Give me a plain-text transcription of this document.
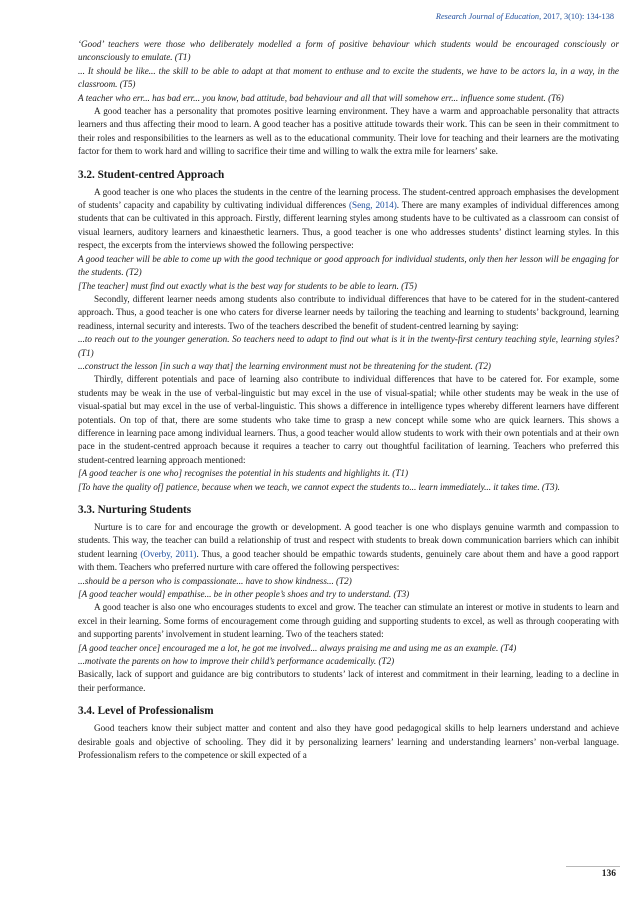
Research Journal of Education, 2017, 3(10): 134-138

‘Good’ teachers were those who deliberately modelled a form of positive behaviour which students would be encouraged consciously or unconsciously to emulate. (T1)

... It should be like... the skill to be able to adapt at that moment to enthuse and to excite the students, we have to be actors la, in a way, in the classroom. (T5)

A teacher who err... has bad err... you know, bad attitude, bad behaviour and all that will somehow err... influence some student. (T6)

A good teacher has a personality that promotes positive learning environment. They have a warm and approachable personality that attracts learners and thus affecting their mood to learn. A good teacher has a positive attitude towards their work. This can be seen in their commitment to their roles and responsibilities to the learners as well as to the educational community. Their love for teaching and their learners are the motivating factor for them to work hard and willing to sacrifice their time and willing to walk the extra mile for learners’ sake.

3.2. Student-centred Approach

A good teacher is one who places the students in the centre of the learning process. The student-centred approach emphasises the development of students’ capacity and capability by cultivating individual differences (Seng, 2014). There are many examples of individual differences among students that can be cultivated in this approach. Firstly, different learning styles among students have to be cultivated as a classroom can consist of visual learners, auditory learners and kinaesthetic learners. Thus, a good teacher is one who addresses students’ distinct learning styles. In this respect, the excerpts from the interviews showed the following perspective:

A good teacher will be able to come up with the good technique or good approach for individual students, only then her lesson will be engaging for the students. (T2)

[The teacher] must find out exactly what is the best way for students to be able to learn. (T5)

Secondly, different learner needs among students also contribute to individual differences that have to be catered for in the student-cantered approach. Thus, a good teacher is one who caters for diverse learner needs by tailoring the teaching and learning to students’ background, learning readiness, internal security and interests. Two of the teachers described the benefit of student-centred learning by saying:

...to reach out to the younger generation. So teachers need to adapt to find out what is it in the twenty-first century teaching style, learning styles? (T1)

...construct the lesson [in such a way that] the learning environment must not be threatening for the student. (T2)

Thirdly, different potentials and pace of learning also contribute to individual differences that have to be catered for. For example, some students may be weak in the use of verbal-linguistic but may excel in the use of visual-spatial; while other students may be weak in the use of visual-spatial but may excel in the use of verbal-linguistic. This shows a difference in intelligence types whereby different learners have different potentials. On top of that, there are some students who take time to grasp a new concept while some who are quick learners. This shows a difference in learning pace among individual learners. Thus, a good teacher would allow students to work with their own potentials and at their own pace in the student-centred approach because it requires a teacher to carry out thoughtful facilitation of learning. Teachers who preferred this student-centred learning approach mentioned:

[A good teacher is one who] recognises the potential in his students and highlights it. (T1)

[To have the quality of] patience, because when we teach, we cannot expect the students to... learn immediately... it takes time. (T3).

3.3. Nurturing Students

Nurture is to care for and encourage the growth or development. A good teacher is one who displays genuine warmth and compassion to students. This way, the teacher can build a relationship of trust and respect with students to break down communication barriers which can inhibit student learning (Overby, 2011). Thus, a good teacher should be empathic towards students, genuinely care about them and have a good rapport with them. Teachers who preferred nurture with care offered the following perspectives:

...should be a person who is compassionate... have to show kindness... (T2)

[A good teacher would] empathise... be in other people’s shoes and try to understand. (T3)

A good teacher is also one who encourages students to excel and grow. The teacher can stimulate an interest or motive in students to learn and excel in their learning. Some forms of encouragement come through guiding and supporting students to excel, as well as through cooperating with and supporting parents’ involvement in student learning. Two of the teachers stated:

[A good teacher once] encouraged me a lot, he got me involved... always praising me and using me as an example. (T4)

...motivate the parents on how to improve their child’s performance academically. (T2)

Basically, lack of support and guidance are big contributors to students’ lack of interest and commitment in their learning, leading to a decline in their performance.

3.4. Level of Professionalism

Good teachers know their subject matter and content and also they have good pedagogical skills to help learners understand and achieve desirable goals and objective of schooling. They did it by personalizing learners’ learning and understanding learners’ non-verbal language. Professionalism refers to the competence or skill expected of a

136
